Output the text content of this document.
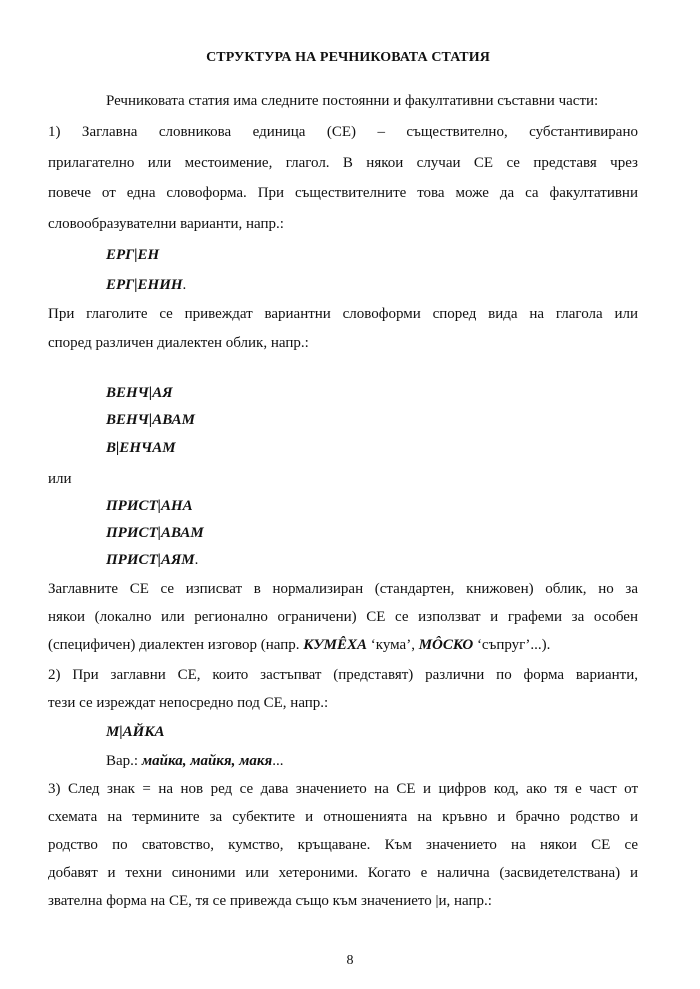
СТРУКТУРА НА РЕЧНИКОВАТА СТАТИЯ
Речниковата статия има следните постоянни и факултативни съставни части:
1) Заглавна словникова единица (СЕ) – съществително, субстантивирано
прилагателно или местоимение, глагол. В някои случаи СЕ се представя чрез
повече от една словоформа. При съществителните това може да са факултативни
словообразувателни варианти, напр.:
ЕРГ|ЕН
ЕРГ|ЕНИН.
При глаголите се привеждат вариантни словоформи според вида на глагола или
според различен диалектен облик, напр.:
ВЕНЧ|АЯ
ВЕНЧ|АВАМ
В|ЕНЧАМ
или
ПРИСТ|АНА
ПРИСТ|АВАМ
ПРИСТ|АЯМ.
Заглавните СЕ се изписват в нормализиран (стандартен, книжовен) облик, но за
някои (локално или регионално ограничени) СЕ се използват и графеми за особен
(специфичен) диалектен изговор (напр. КУМÊХА ‘кума’, MÔСКО ‘съпруг’...).
2) При заглавни СЕ, които застъпват (представят) различни по форма варианти,
тези се изреждат непосредно под СЕ, напр.:
М|АЙКА
Вар.: майка, майкя, макя...
3) След знак = на нов ред се дава значението на СЕ и цифров код, ако тя е част от
схемата на термините за субектите и отношенията на кръвно и брачно родство и
родство по сватовство, кумство, кръщаване. Към значението на някои СЕ се
добавят и техни синоними или хетероними. Когато е налична (засвидетелствана) и
звателна форма на СЕ, тя се привежда също към значението |и, напр.:
8
